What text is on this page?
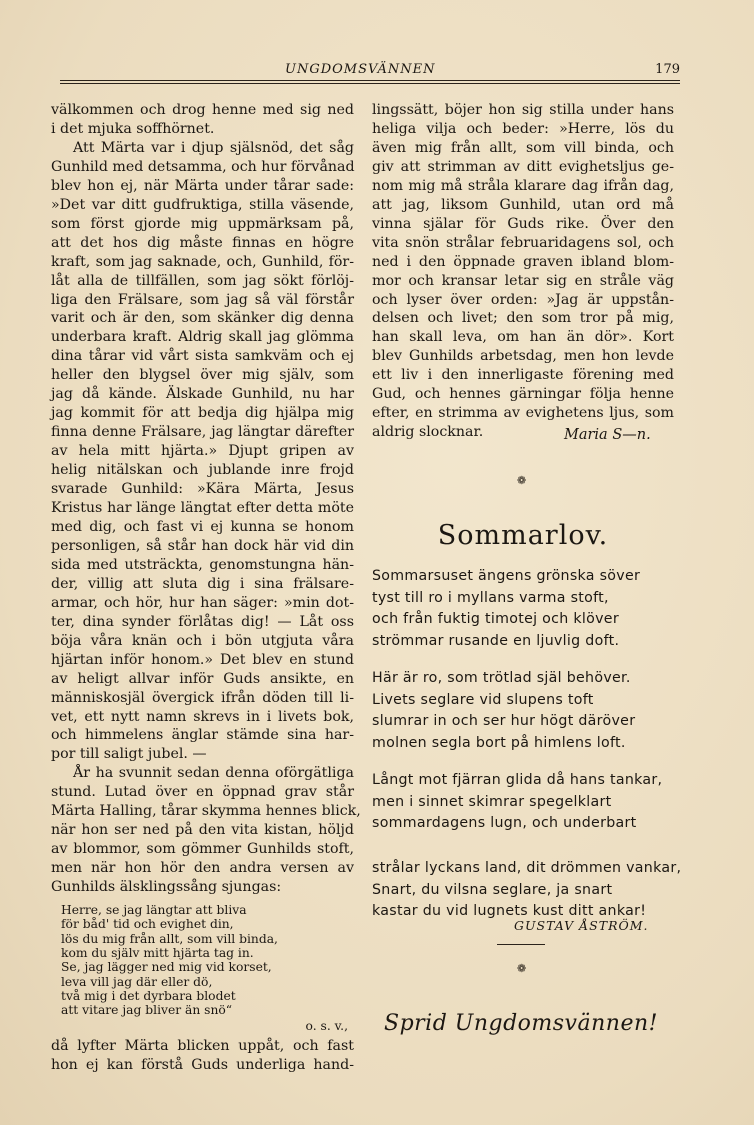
UNGDOMSVÄNNEN	179
välkommen och drog henne med sig ned
i det mjuka soffhörnet.
Att Märta var i djup själsnöd, det såg
Gunhild med detsamma, och hur förvånad
blev hon ej, när Märta under tårar sade:
»Det var ditt gudfruktiga, stilla väsende,
som först gjorde mig uppmärksam på,
att det hos dig måste finnas en högre
kraft, som jag saknade, och, Gunhild, för-
låt alla de tillfällen, som jag sökt förlöj-
liga den Frälsare, som jag så väl förstår
varit och är den, som skänker dig denna
underbara kraft. Aldrig skall jag glömma
dina tårar vid vårt sista samkväm och ej
heller den blygsel över mig själv, som
jag då kände. Älskade Gunhild, nu har
jag kommit för att bedja dig hjälpa mig
finna denne Frälsare, jag längtar därefter
av hela mitt hjärta.» Djupt gripen av
helig nitälskan och jublande inre frojd
svarade Gunhild: »Kära Märta, Jesus
Kristus har länge längtat efter detta möte
med dig, och fast vi ej kunna se honom
personligen, så står han dock här vid din
sida med utsträckta, genomstungna hän-
der, villig att sluta dig i sina frälsare-
armar, och hör, hur han säger: »min dot-
ter, dina synder förlåtas dig! — Låt oss
böja våra knän och i bön utgjuta våra
hjärtan inför honom.» Det blev en stund
av heligt allvar inför Guds ansikte, en
människosjäl övergick ifrån döden till li-
vet, ett nytt namn skrevs in i livets bok,
och himmelens änglar stämde sina har-
por till saligt jubel. —
År ha svunnit sedan denna oförgätliga
stund. Lutad över en öppnad grav står
Märta Halling, tårar skymma hennes blick,
när hon ser ned på den vita kistan, höljd
av blommor, som gömmer Gunhilds stoft,
men när hon hör den andra versen av
Gunhilds älsklingssång sjungas:
Herre, se jag längtar att bliva
för båd' tid och evighet din,
lös du mig från allt, som vill binda,
kom du själv mitt hjärta tag in.
Se, jag lägger ned mig vid korset,
leva vill jag där eller dö,
två mig i det dyrbara blodet
att vitare jag bliver än snö“
o. s. v.,
då lyfter Märta blicken uppåt, och fast
hon ej kan förstå Guds underliga hand-
lingssätt, böjer hon sig stilla under hans
heliga vilja och beder: »Herre, lös du
även mig från allt, som vill binda, och
giv att strimman av ditt evighetsljus ge-
nom mig må stråla klarare dag ifrån dag,
att jag, liksom Gunhild, utan ord må
vinna själar för Guds rike. Över den
vita snön strålar februaridagens sol, och
ned i den öppnade graven ibland blom-
mor och kransar letar sig en stråle väg
och lyser över orden: »Jag är uppstån-
delsen och livet; den som tror på mig,
han skall leva, om han än dör». Kort
blev Gunhilds arbetsdag, men hon levde
ett liv i den innerligaste förening med
Gud, och hennes gärningar följa henne
efter, en strimma av evighetens ljus, som
aldrig slocknar.	Maria S—n.
❁
Sommarlov.
Sommarsuset ängens grönska söver
tyst till ro i myllans varma stoft,
och från fuktig timotej och klöver
strömmar rusande en ljuvlig doft.
Här är ro, som trötlad själ behöver.
Livets seglare vid slupens toft
slumrar in och ser hur högt däröver
molnen segla bort på himlens loft.
Långt mot fjärran glida då hans tankar,
men i sinnet skimrar spegelklart
sommardagens lugn, och underbart
strålar lyckans land, dit drömmen vankar,
Snart, du vilsna seglare, ja snart
kastar du vid lugnets kust ditt ankar!
GUSTAV ÅSTRÖM.
❁
Sprid Ungdomsvännen!
